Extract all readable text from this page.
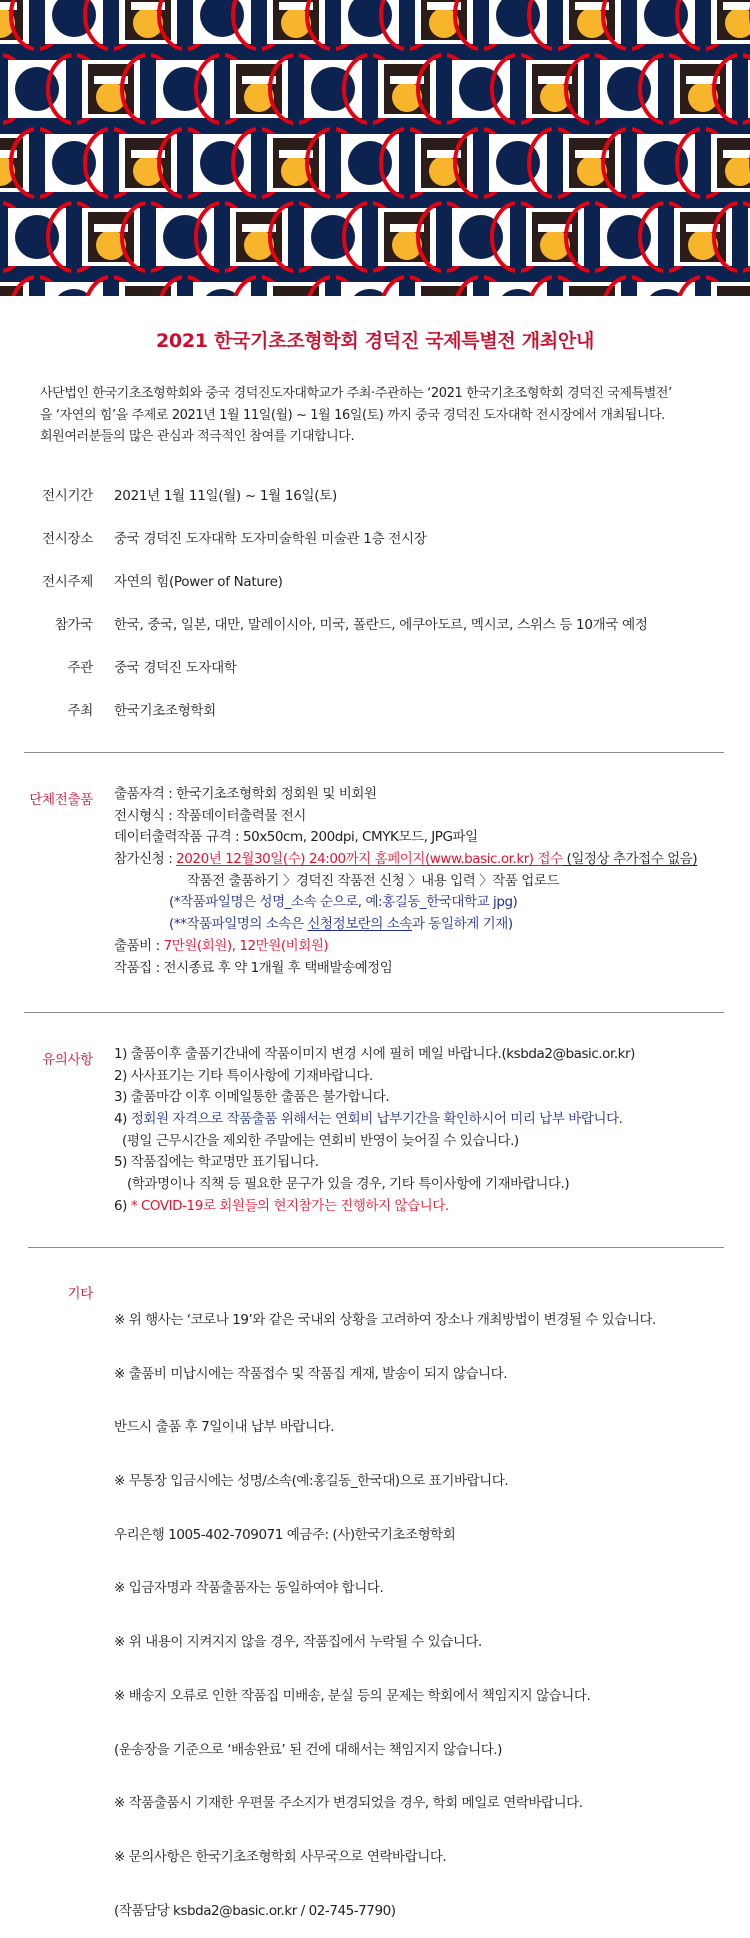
2021 한국기초조형학회 경덕진 국제특별전 개최안내

사단법인 한국기초조형학회와 중국 경덕진도자대학교가 주최·주관하는 ‘2021 한국기초조형학회 경덕진 국제특별전’

을 ‘자연의 힘’을 주제로 2021년 1월 11일(월) ~ 1월 16일(토) 까지 중국 경덕진 도자대학 전시장에서 개최됩니다.

회원여러분들의 많은 관심과 적극적인 참여를 기대합니다.

전시기간 2021년 1월 11일(월) ~ 1월 16일(토)
전시장소 중국 경덕진 도자대학 도자미술학원 미술관 1층 전시장
전시주제 자연의 힘(Power of Nature)
참가국 한국, 중국, 일본, 대만, 말레이시아, 미국, 폴란드, 에쿠아도르, 멕시코, 스위스 등 10개국 예정
주관 중국 경덕진 도자대학
주최 한국기초조형학회
단체전출품 출품자격 : 한국기초조형학회 정회원 및 비회원
전시형식 : 작품데이터출력물 전시
데이터출력작품 규격 : 50x50cm, 200dpi, CMYK모드, JPG파일
참가신청 : 2020년 12월30일(수) 24:00까지 홈페이지(www.basic.or.kr) 접수 (일정상 추가접수 없음)
작품전 출품하기 〉경덕진 작품전 신청 〉내용 입력 〉작품 업로드
(*작품파일명은 성명_소속 순으로, 예:홍길동_한국대학교 jpg)
(**작품파일명의 소속은 신청정보란의 소속과 동일하게 기재)
출품비 : 7만원(회원), 12만원(비회원)
작품집 : 전시종료 후 약 1개월 후 택배발송예정임
유의사항 1) 출품이후 출품기간내에 작품이미지 변경 시에 필히 메일 바랍니다.(ksbda2@basic.or.kr)
2) 사사표기는 기타 특이사항에 기재바랍니다.
3) 출품마감 이후 이메일통한 출품은 불가합니다.
4) 정회원 자격으로 작품출품 위해서는 연회비 납부기간을 확인하시어 미리 납부 바랍니다.
(평일 근무시간을 제외한 주말에는 연회비 반영이 늦어질 수 있습니다.)
5) 작품집에는 학교명만 표기됩니다.
(학과명이나 직책 등 필요한 문구가 있을 경우, 기타 특이사항에 기재바랍니다.)
6) * COVID-19로 회원들의 현지참가는 진행하지 않습니다.
기타

※ 위 행사는 ‘코로나 19’와 같은 국내외 상황을 고려하여 장소나 개최방법이 변경될 수 있습니다.

※ 출품비 미납시에는 작품접수 및 작품집 게재, 발송이 되지 않습니다.

반드시 출품 후 7일이내 납부 바랍니다.

※ 무통장 입금시에는 성명/소속(예:홍길동_한국대)으로 표기바랍니다.

우리은행 1005-402-709071 예금주: (사)한국기초조형학회

※ 입금자명과 작품출품자는 동일하여야 합니다.

※ 위 내용이 지켜지지 않을 경우, 작품집에서 누락될 수 있습니다.

※ 배송지 오류로 인한 작품집 미배송, 분실 등의 문제는 학회에서 책임지지 않습니다.

(운송장을 기준으로 ‘배송완료’ 된 건에 대해서는 책임지지 않습니다.)

※ 작품출품시 기재한 우편물 주소지가 변경되었을 경우, 학회 메일로 연락바랍니다.

※ 문의사항은 한국기초조형학회 사무국으로 연락바랍니다.

(작품담당 ksbda2@basic.or.kr / 02-745-7790)
